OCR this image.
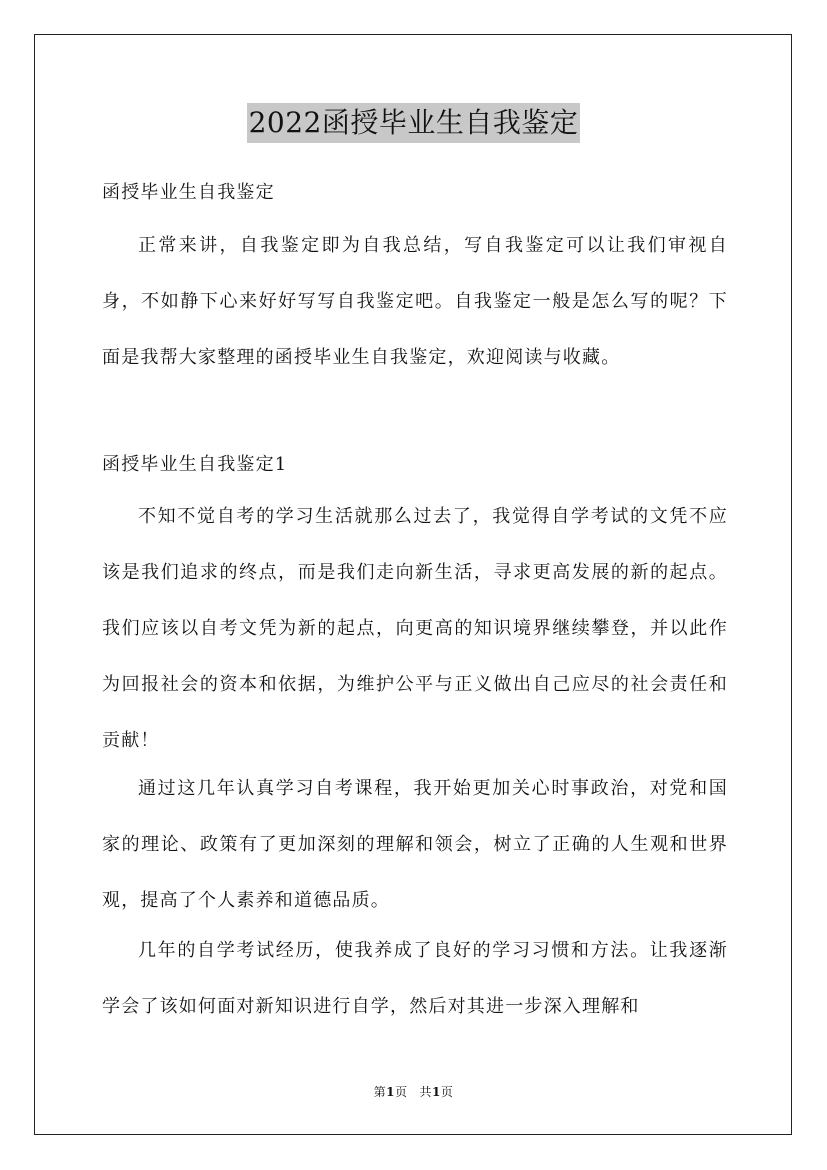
2022函授毕业生自我鉴定
函授毕业生自我鉴定
正常来讲，自我鉴定即为自我总结，写自我鉴定可以让我们审视自身，不如静下心来好好写写自我鉴定吧。自我鉴定一般是怎么写的呢？下面是我帮大家整理的函授毕业生自我鉴定，欢迎阅读与收藏。
函授毕业生自我鉴定1
不知不觉自考的学习生活就那么过去了，我觉得自学考试的文凭不应该是我们追求的终点，而是我们走向新生活，寻求更高发展的新的起点。我们应该以自考文凭为新的起点，向更高的知识境界继续攀登，并以此作为回报社会的资本和依据，为维护公平与正义做出自己应尽的社会责任和贡献！
通过这几年认真学习自考课程，我开始更加关心时事政治，对党和国家的理论、政策有了更加深刻的理解和领会，树立了正确的人生观和世界观，提高了个人素养和道德品质。
几年的自学考试经历，使我养成了良好的学习习惯和方法。让我逐渐学会了该如何面对新知识进行自学，然后对其进一步深入理解和
第1页 共1页
